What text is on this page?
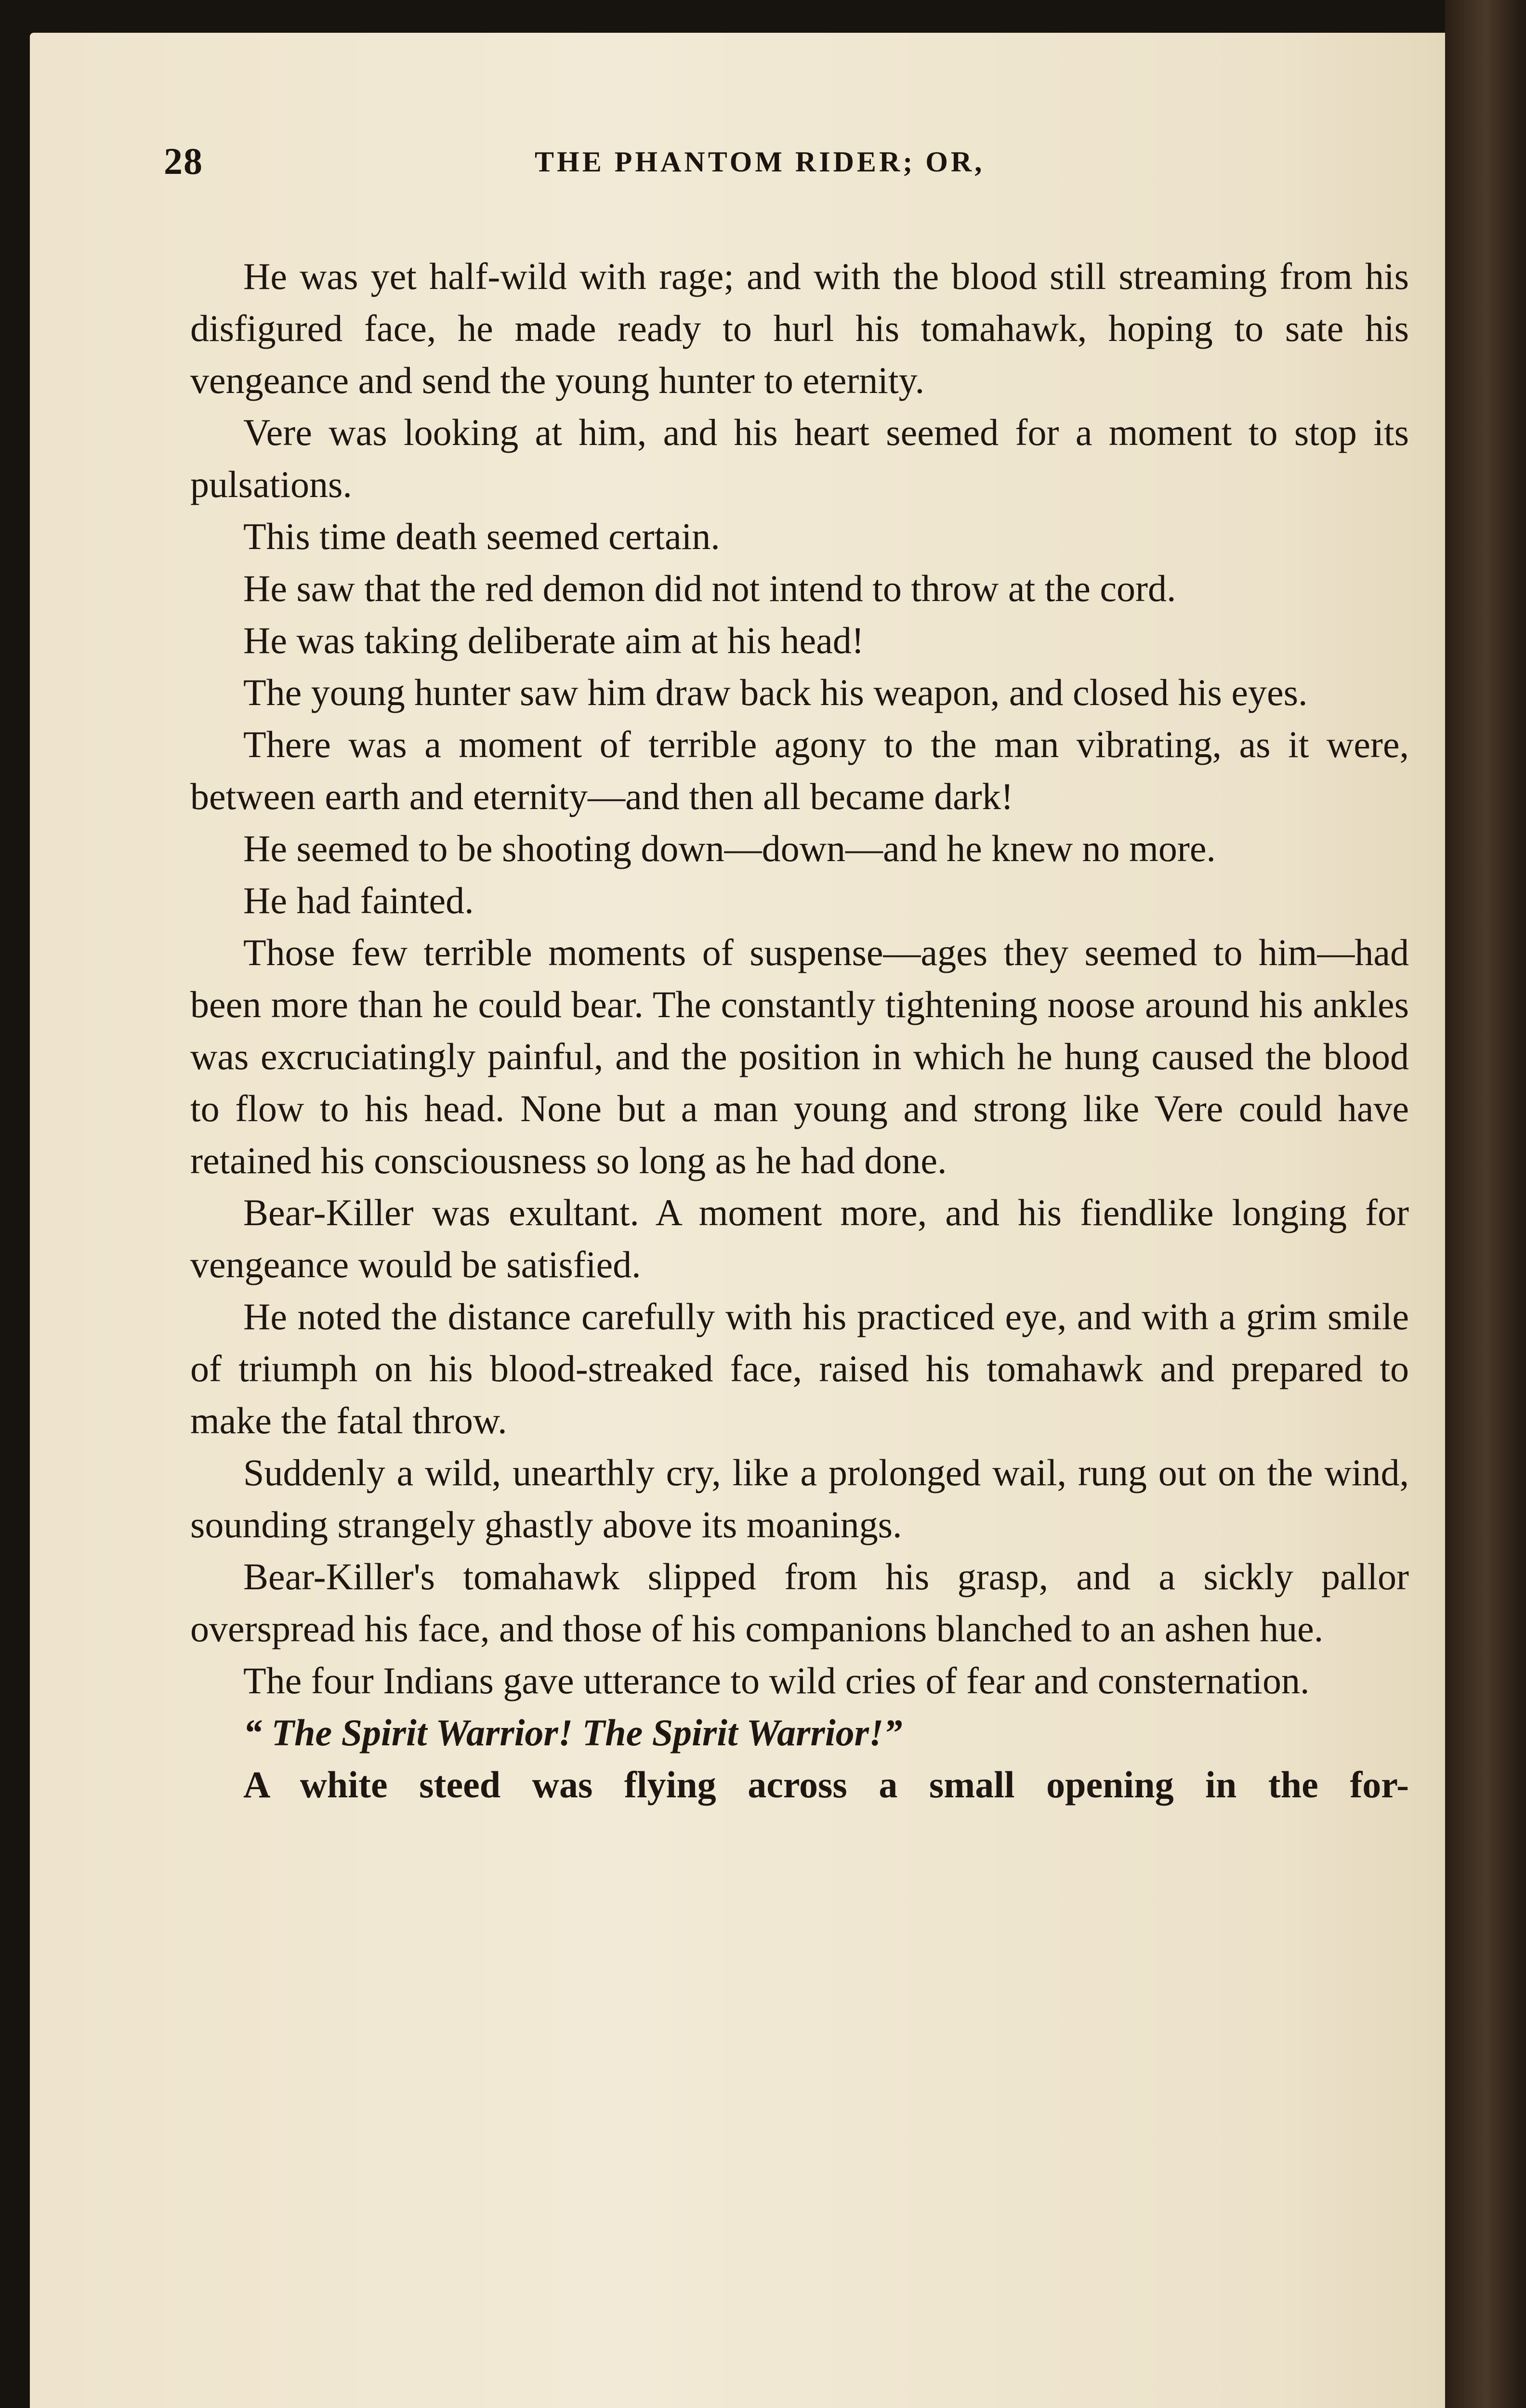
28	THE PHANTOM RIDER; OR,

He was yet half-wild with rage; and with the blood still streaming from his disfigured face, he made ready to hurl his tomahawk, hoping to sate his vengeance and send the young hunter to eternity.

Vere was looking at him, and his heart seemed for a moment to stop its pulsations.

This time death seemed certain.

He saw that the red demon did not intend to throw at the cord.

He was taking deliberate aim at his head!

The young hunter saw him draw back his weapon, and closed his eyes.

There was a moment of terrible agony to the man vibrating, as it were, between earth and eternity—and then all became dark!

He seemed to be shooting down—down—and he knew no more.

He had fainted.

Those few terrible moments of suspense—ages they seemed to him—had been more than he could bear. The constantly tightening noose around his ankles was excruciatingly painful, and the position in which he hung caused the blood to flow to his head. None but a man young and strong like Vere could have retained his consciousness so long as he had done.

Bear-Killer was exultant. A moment more, and his fiendlike longing for vengeance would be satisfied.

He noted the distance carefully with his practiced eye, and with a grim smile of triumph on his blood-streaked face, raised his tomahawk and prepared to make the fatal throw.

Suddenly a wild, unearthly cry, like a prolonged wail, rung out on the wind, sounding strangely ghastly above its moanings.

Bear-Killer's tomahawk slipped from his grasp, and a sickly pallor overspread his face, and those of his companions blanched to an ashen hue.

The four Indians gave utterance to wild cries of fear and consternation.

“ The Spirit Warrior! The Spirit Warrior!”

A white steed was flying across a small opening in the for-
